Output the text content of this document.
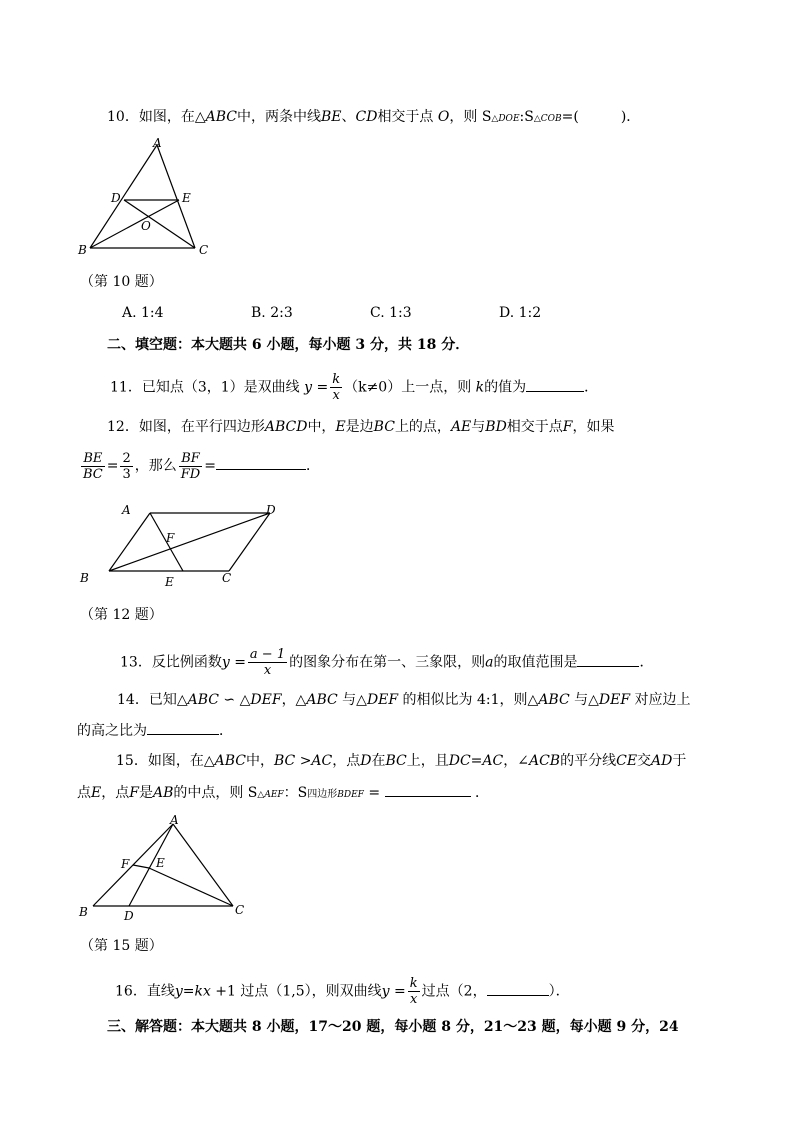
10．如图，在△ABC中，两条中线BE、CD相交于点 O，则 S△DOE:S△COB=(　　　)．
A
D	E
O
B	C
（第 10 题）
A. 1:4	B. 2:3	C. 1:3	D. 1:2
二、填空题：本大题共 6 小题，每小题 3 分，共 18 分．
11．已知点（3，1）是双曲线 $y = \frac{k}{x} (k\ne 0)$上一点，则 k的值为	．
12．如图，在平行四边形ABCD中，E是边BC上的点，AE与BD相交于点F，如果
$\frac{BE}{BC} = \frac{2}{3}$ ，那么 $\frac{BF}{FD}$ =	．
A	D
F
B	E	C
（第 12 题）
13．反比例函数$y = \frac{a - 1}{x}$ 的图象分布在第一、三象限，则a的取值范围是	．
14．已知△ABC ∽ △DEF，△ABC 与△DEF 的相似比为 4:1，则△ABC 与△DEF 对应边上
的高之比为	．
15．如图，在△ABC中，BC >AC，点D在BC上，且DC=AC，∠ACB的平分线CE交AD于
点E，点F是AB的中点，则 S△AEF：S四边形BDEF =	．
A
F E
B	D	C
（第 15 题）
16．直线y=kx +1 过点（1,5），则双曲线$y = \frac{k}{x}$ 过点（2，	）．
三、解答题：本大题共 8 小题，17～20 题，每小题 8 分，21～23 题，每小题 9 分，24
